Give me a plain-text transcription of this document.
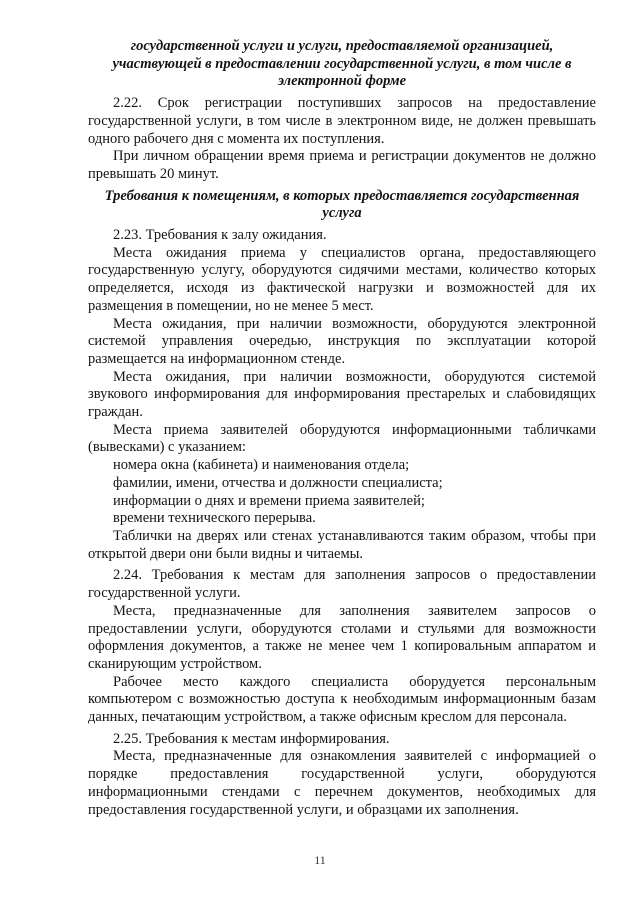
государственной услуги и услуги, предоставляемой организацией, участвующей в предоставлении государственной услуги, в том числе в электронной форме

2.22. Срок регистрации поступивших запросов на предоставление государственной услуги, в том числе в электронном виде, не должен превышать одного рабочего дня с момента их поступления.

При личном обращении время приема и регистрации документов не должно превышать 20 минут.

Требования к помещениям, в которых предоставляется государственная услуга

2.23. Требования к залу ожидания.

Места ожидания приема у специалистов органа, предоставляющего государственную услугу, оборудуются сидячими местами, количество которых определяется, исходя из фактической нагрузки и возможностей для их размещения в помещении, но не менее 5 мест.

Места ожидания, при наличии возможности, оборудуются электронной системой управления очередью, инструкция по эксплуатации которой размещается на информационном стенде.

Места ожидания, при наличии возможности, оборудуются системой звукового информирования для информирования престарелых и слабовидящих граждан.

Места приема заявителей оборудуются информационными табличками (вывесками) с указанием:

номера окна (кабинета) и наименования отдела;

фамилии, имени, отчества и должности специалиста;

информации о днях и времени приема заявителей;

времени технического перерыва.

Таблички на дверях или стенах устанавливаются таким образом, чтобы при открытой двери они были видны и читаемы.

2.24. Требования к местам для заполнения запросов о предоставлении государственной услуги.

Места, предназначенные для заполнения заявителем запросов о предоставлении услуги, оборудуются столами и стульями для возможности оформления документов, а также не менее чем 1 копировальным аппаратом и сканирующим устройством.

Рабочее место каждого специалиста оборудуется персональным компьютером с возможностью доступа к необходимым информационным базам данных, печатающим устройством, а также офисным креслом для персонала.

2.25. Требования к местам информирования.

Места, предназначенные для ознакомления заявителей с информацией о порядке предоставления государственной услуги, оборудуются информационными стендами с перечнем документов, необходимых для предоставления государственной услуги, и образцами их заполнения.

11
